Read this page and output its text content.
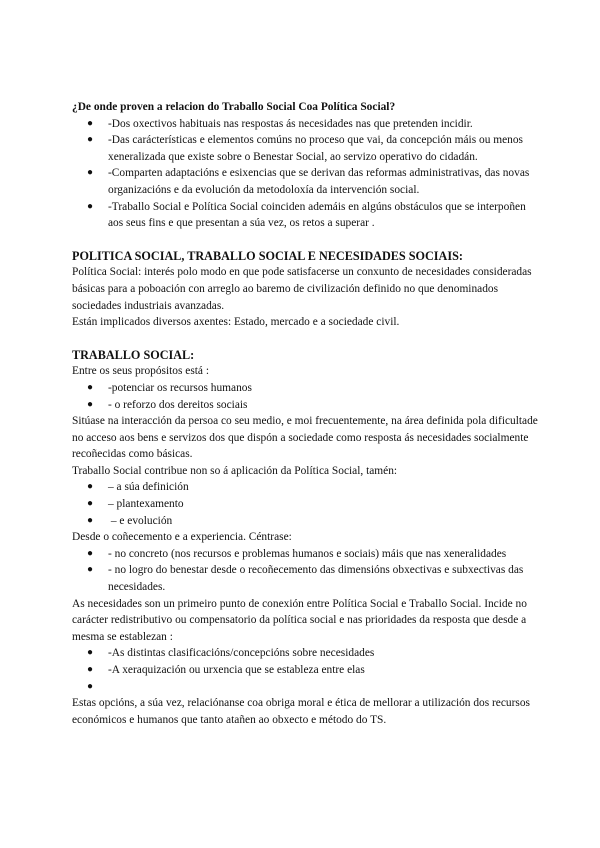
¿De onde proven a relacion do Traballo Social Coa Política Social?

● -Dos oxectivos habituais nas respostas ás necesidades nas que pretenden incidir.
● -Das carácterísticas e elementos comúns no proceso que vai, da concepción máis ou menos xeneralizada que existe sobre o Benestar Social, ao servizo operativo do cidadán.
● -Comparten adaptacións e esixencias que se derivan das reformas administrativas, das novas organizacións e da evolución da metodoloxía da intervención social.
● -Traballo Social e Política Social coinciden ademáis en algúns obstáculos que se interpoñen aos seus fins e que presentan a súa vez, os retos a superar .

POLITICA SOCIAL, TRABALLO SOCIAL E NECESIDADES SOCIAIS:

Política Social: interés polo modo en que pode satisfacerse un conxunto de necesidades consideradas básicas para a poboación con arreglo ao baremo de civilización definido no que denominados sociedades industriais avanzadas.

Están implicados diversos axentes: Estado, mercado e a sociedade civil.

TRABALLO SOCIAL:

Entre os seus propósitos está :

● -potenciar os recursos humanos
● - o reforzo dos dereitos sociais

Sitúase na interacción da persoa co seu medio, e moi frecuentemente, na área definida pola dificultade no acceso aos bens e servizos dos que dispón a sociedade como resposta ás necesidades socialmente recoñecidas como básicas.

Traballo Social contribue non so á aplicación da Política Social, tamén:

● – a súa definición
● – plantexamento
● – e evolución

Desde o coñecemento e a experiencia. Céntrase:

● - no concreto (nos recursos e problemas humanos e sociais) máis que nas xeneralidades
● - no logro do benestar desde o recoñecemento das dimensións obxectivas e subxectivas das necesidades.

As necesidades son un primeiro punto de conexión entre Política Social e Traballo Social. Incide no carácter redistributivo ou compensatorio da política social e nas prioridades da resposta que desde a mesma se establezan :

● -As distintas clasificacións/concepcións sobre necesidades
● -A xeraquización ou urxencia que se estableza entre elas
●

Estas opcións, a súa vez, relaciónanse coa obriga moral e ética de mellorar a utilización dos recursos económicos e humanos que tanto atañen ao obxecto e método do TS.
